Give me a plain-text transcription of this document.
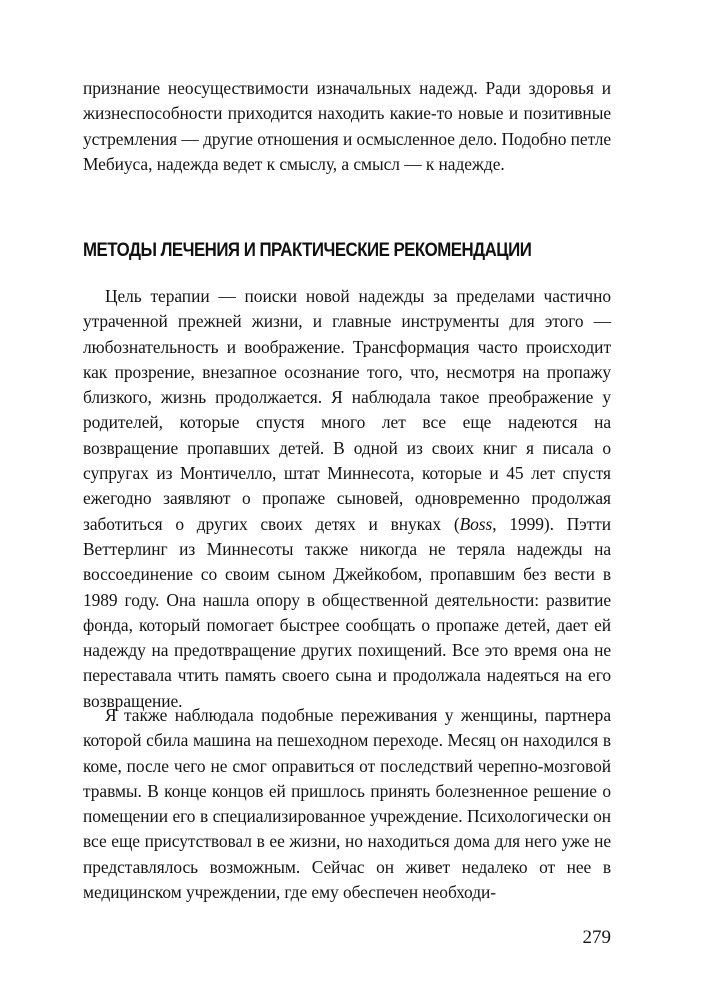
признание неосуществимости изначальных надежд. Ради здоровья и жизнеспособности приходится находить какие-то новые и позитивные устремления — другие отношения и осмысленное дело. Подобно петле Мебиуса, надежда ведет к смыслу, а смысл — к надежде.

МЕТОДЫ ЛЕЧЕНИЯ И ПРАКТИЧЕСКИЕ РЕКОМЕНДАЦИИ

Цель терапии — поиски новой надежды за пределами частично утраченной прежней жизни, и главные инструменты для этого — любознательность и воображение. Трансформация часто происходит как прозрение, внезапное осознание того, что, несмотря на пропажу близкого, жизнь продолжается. Я наблюдала такое преображение у родителей, которые спустя много лет все еще надеются на возвращение пропавших детей. В одной из своих книг я писала о супругах из Монтичелло, штат Миннесота, которые и 45 лет спустя ежегодно заявляют о пропаже сыновей, одновременно продолжая заботиться о других своих детях и внуках (Boss, 1999). Пэтти Веттерлинг из Миннесоты также никогда не теряла надежды на воссоединение со своим сыном Джейкобом, пропавшим без вести в 1989 году. Она нашла опору в общественной деятельности: развитие фонда, который помогает быстрее сообщать о пропаже детей, дает ей надежду на предотвращение других похищений. Все это время она не переставала чтить память своего сына и продолжала надеяться на его возвращение.

Я также наблюдала подобные переживания у женщины, партнера которой сбила машина на пешеходном переходе. Месяц он находился в коме, после чего не смог оправиться от последствий черепно-мозговой травмы. В конце концов ей пришлось принять болезненное решение о помещении его в специализированное учреждение. Психологически он все еще присутствовал в ее жизни, но находиться дома для него уже не представлялось возможным. Сейчас он живет недалеко от нее в медицинском учреждении, где ему обеспечен необходи-

279
